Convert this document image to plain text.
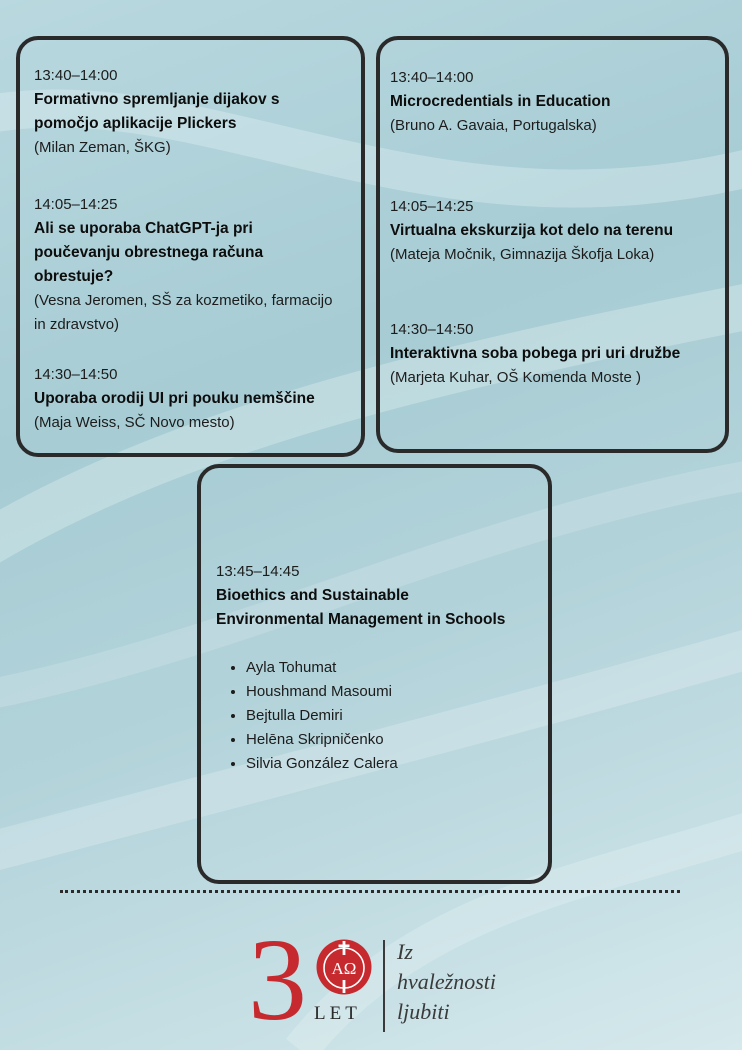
13:40–14:00

Formativno spremljanje dijakov s

pomočjo aplikacije Plickers

(Milan Zeman, ŠKG)

14:05–14:25

Ali se uporaba ChatGPT-ja pri

poučevanju obrestnega računa

obrestuje?

(Vesna Jeromen, SŠ za kozmetiko, farmacijo

in zdravstvo)

14:30–14:50

Uporaba orodij UI pri pouku nemščine

(Maja Weiss, SČ Novo mesto)

13:40–14:00

Microcredentials in Education

(Bruno A. Gavaia, Portugalska)

14:05–14:25

Virtualna ekskurzija kot delo na terenu

(Mateja Močnik, Gimnazija Škofja Loka)

14:30–14:50

Interaktivna soba pobega pri uri družbe

(Marjeta Kuhar, OŠ Komenda Moste )

13:45–14:45

Bioethics and Sustainable

Environmental Management in Schools

• Ayla Tohumat
• Houshmand Masoumi
• Bejtulla Demiri
• Helēna Skripničenko
• Silvia González Calera
3 AΩ
LET
Iz
hvaležnosti
ljubiti
